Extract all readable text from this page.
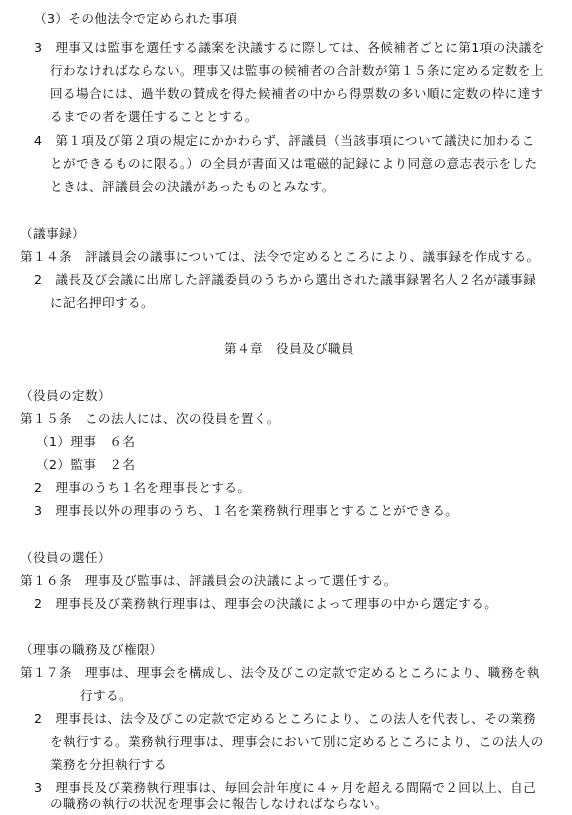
（3）その他法令で定められた事項
3　理事又は監事を選任する議案を決議するに際しては、各候補者ごとに第1項の決議を
行わなければならない。理事又は監事の候補者の合計数が第１５条に定める定数を上
回る場合には、過半数の賛成を得た候補者の中から得票数の多い順に定数の枠に達す
るまでの者を選任することとする。
4　第１項及び第２項の規定にかかわらず、評議員（当該事項について議決に加わるこ
とができるものに限る。）の全員が書面又は電磁的記録により同意の意志表示をした
ときは、評議員会の決議があったものとみなす。
（議事録）
第１４条　評議員会の議事については、法令で定めるところにより、議事録を作成する。
2　議長及び会議に出席した評議委員のうちから選出された議事録署名人２名が議事録
に記名押印する。
第４章　役員及び職員
（役員の定数）
第１５条　この法人には、次の役員を置く。
（1）理事　６名
（2）監事　２名
2　理事のうち１名を理事長とする。
3　理事長以外の理事のうち、１名を業務執行理事とすることができる。
（役員の選任）
第１６条　理事及び監事は、評議員会の決議によって選任する。
2　理事長及び業務執行理事は、理事会の決議によって理事の中から選定する。
（理事の職務及び権限）
第１７条　理事は、理事会を構成し、法令及びこの定款で定めるところにより、職務を執
行する。
2　理事長は、法令及びこの定款で定めるところにより、この法人を代表し、その業務
を執行する。業務執行理事は、理事会において別に定めるところにより、この法人の
業務を分担執行する
3　理事長及び業務執行理事は、毎回会計年度に４ヶ月を超える間隔で２回以上、自己
の職務の執行の状況を理事会に報告しなければならない。
